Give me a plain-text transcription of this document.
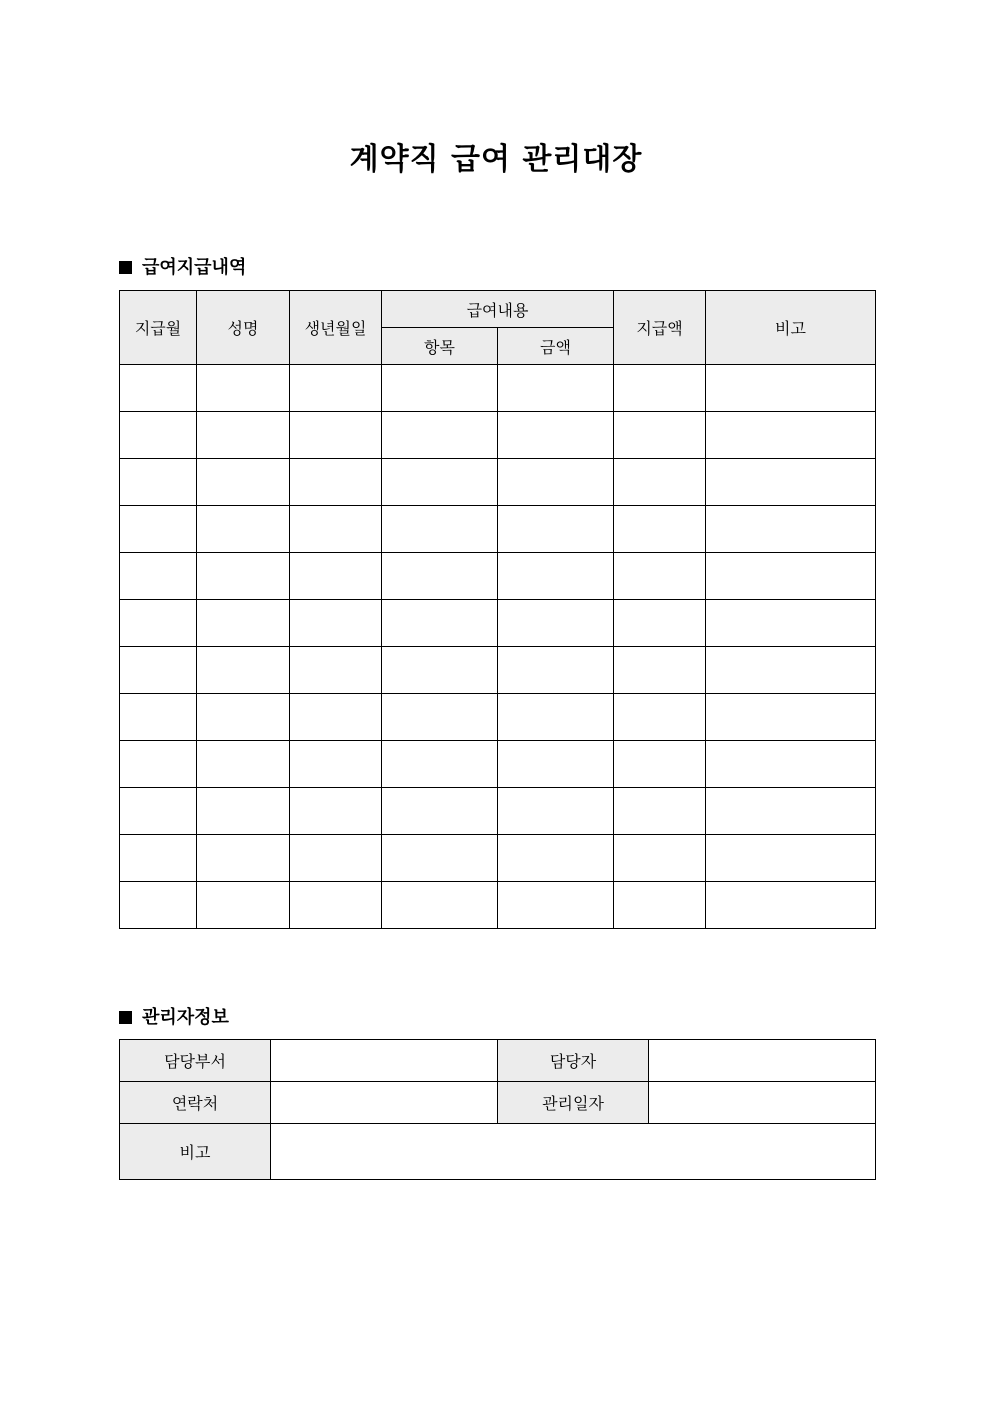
계약직 급여 관리대장
급여지급내역
지급월	성명	생년월일	급여내용		지급액	비고
			항목	금액		

관리자정보
담당부서		담당자	
연락처		관리일자	
비고			
